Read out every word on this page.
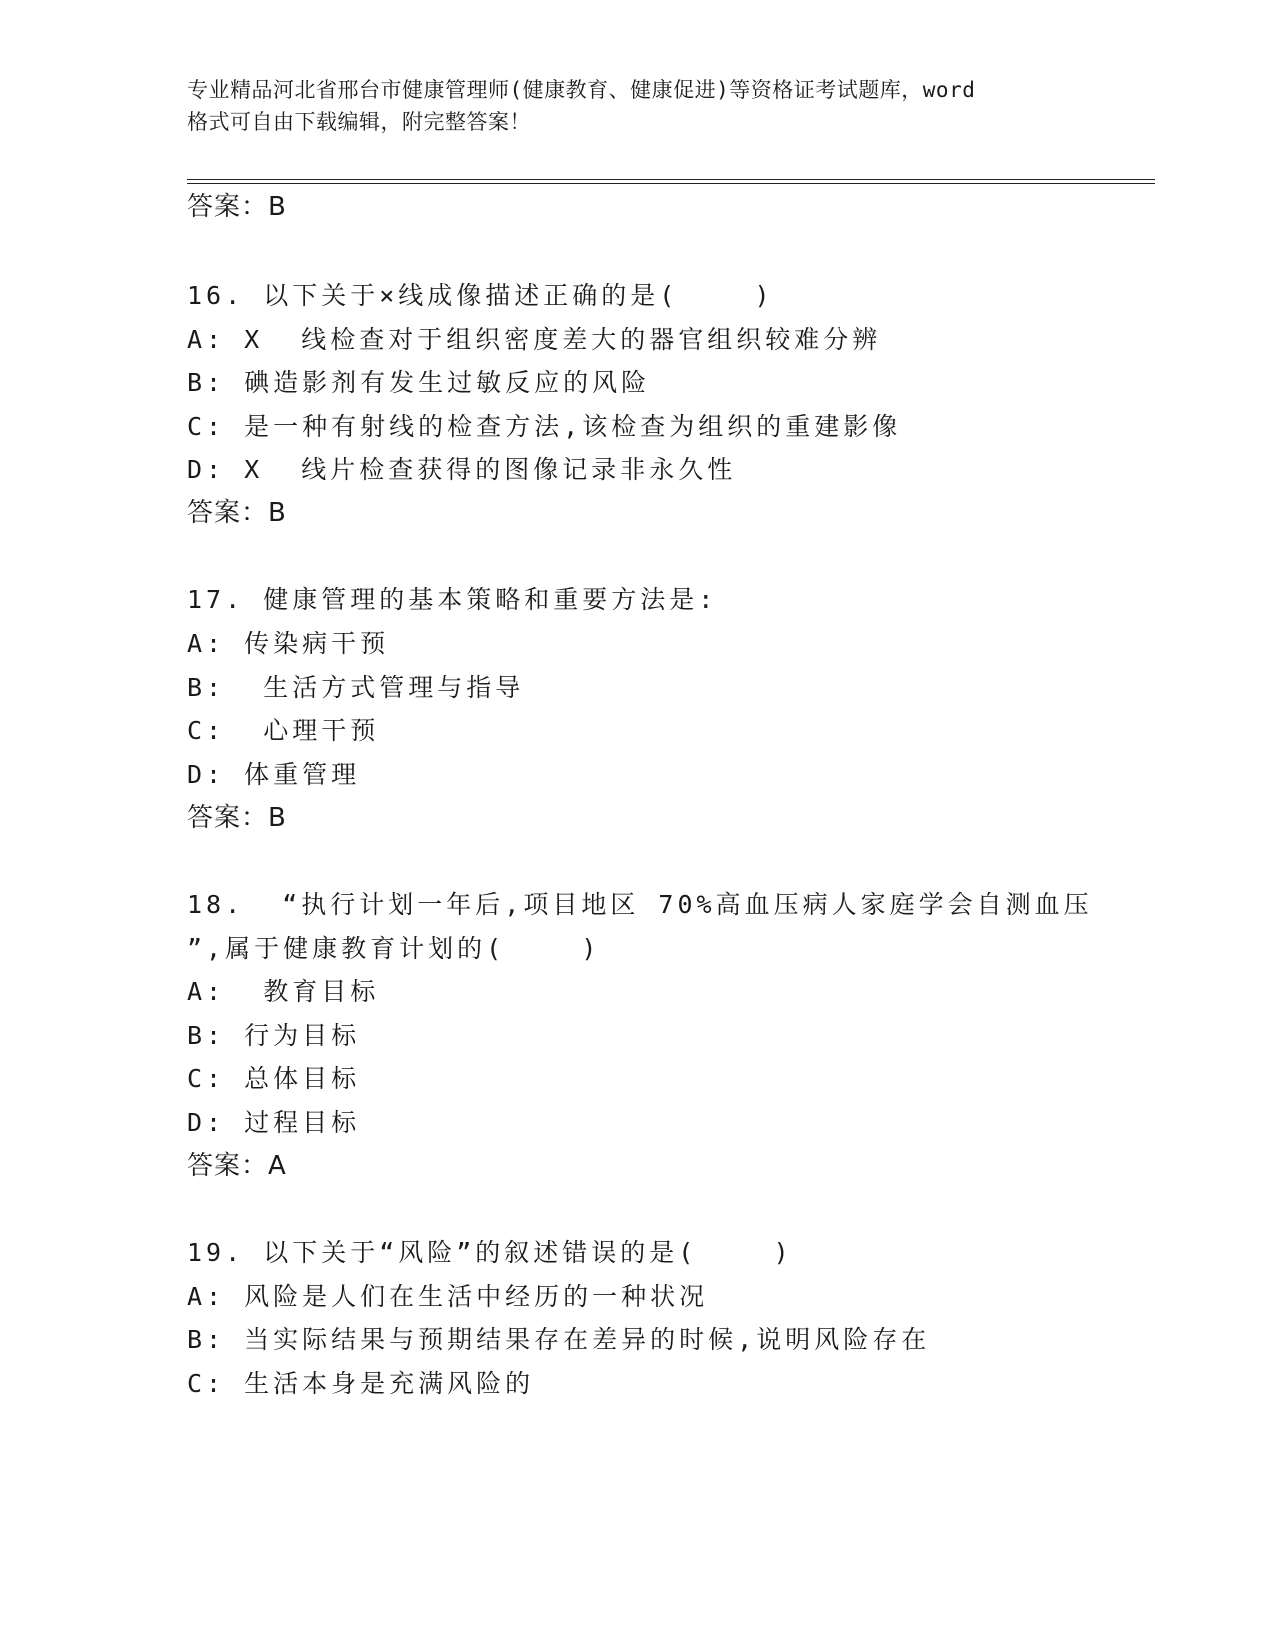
专业精品河北省邢台市健康管理师(健康教育、健康促进)等资格证考试题库，word
格式可自由下载编辑，附完整答案！
答案：B
16. 以下关于×线成像描述正确的是(    )
A: X  线检查对于组织密度差大的器官组织较难分辨
B: 碘造影剂有发生过敏反应的风险
C: 是一种有射线的检查方法,该检查为组织的重建影像
D: X  线片检查获得的图像记录非永久性
答案：B
17. 健康管理的基本策略和重要方法是:
A: 传染病干预
B:  生活方式管理与指导
C:  心理干预
D: 体重管理
答案：B
18.  “执行计划一年后,项目地区 70%高血压病人家庭学会自测血压
”,属于健康教育计划的(    )
A:  教育目标
B: 行为目标
C: 总体目标
D: 过程目标
答案：A
19. 以下关于“风险”的叙述错误的是(    )
A: 风险是人们在生活中经历的一种状况
B: 当实际结果与预期结果存在差异的时候,说明风险存在
C: 生活本身是充满风险的
